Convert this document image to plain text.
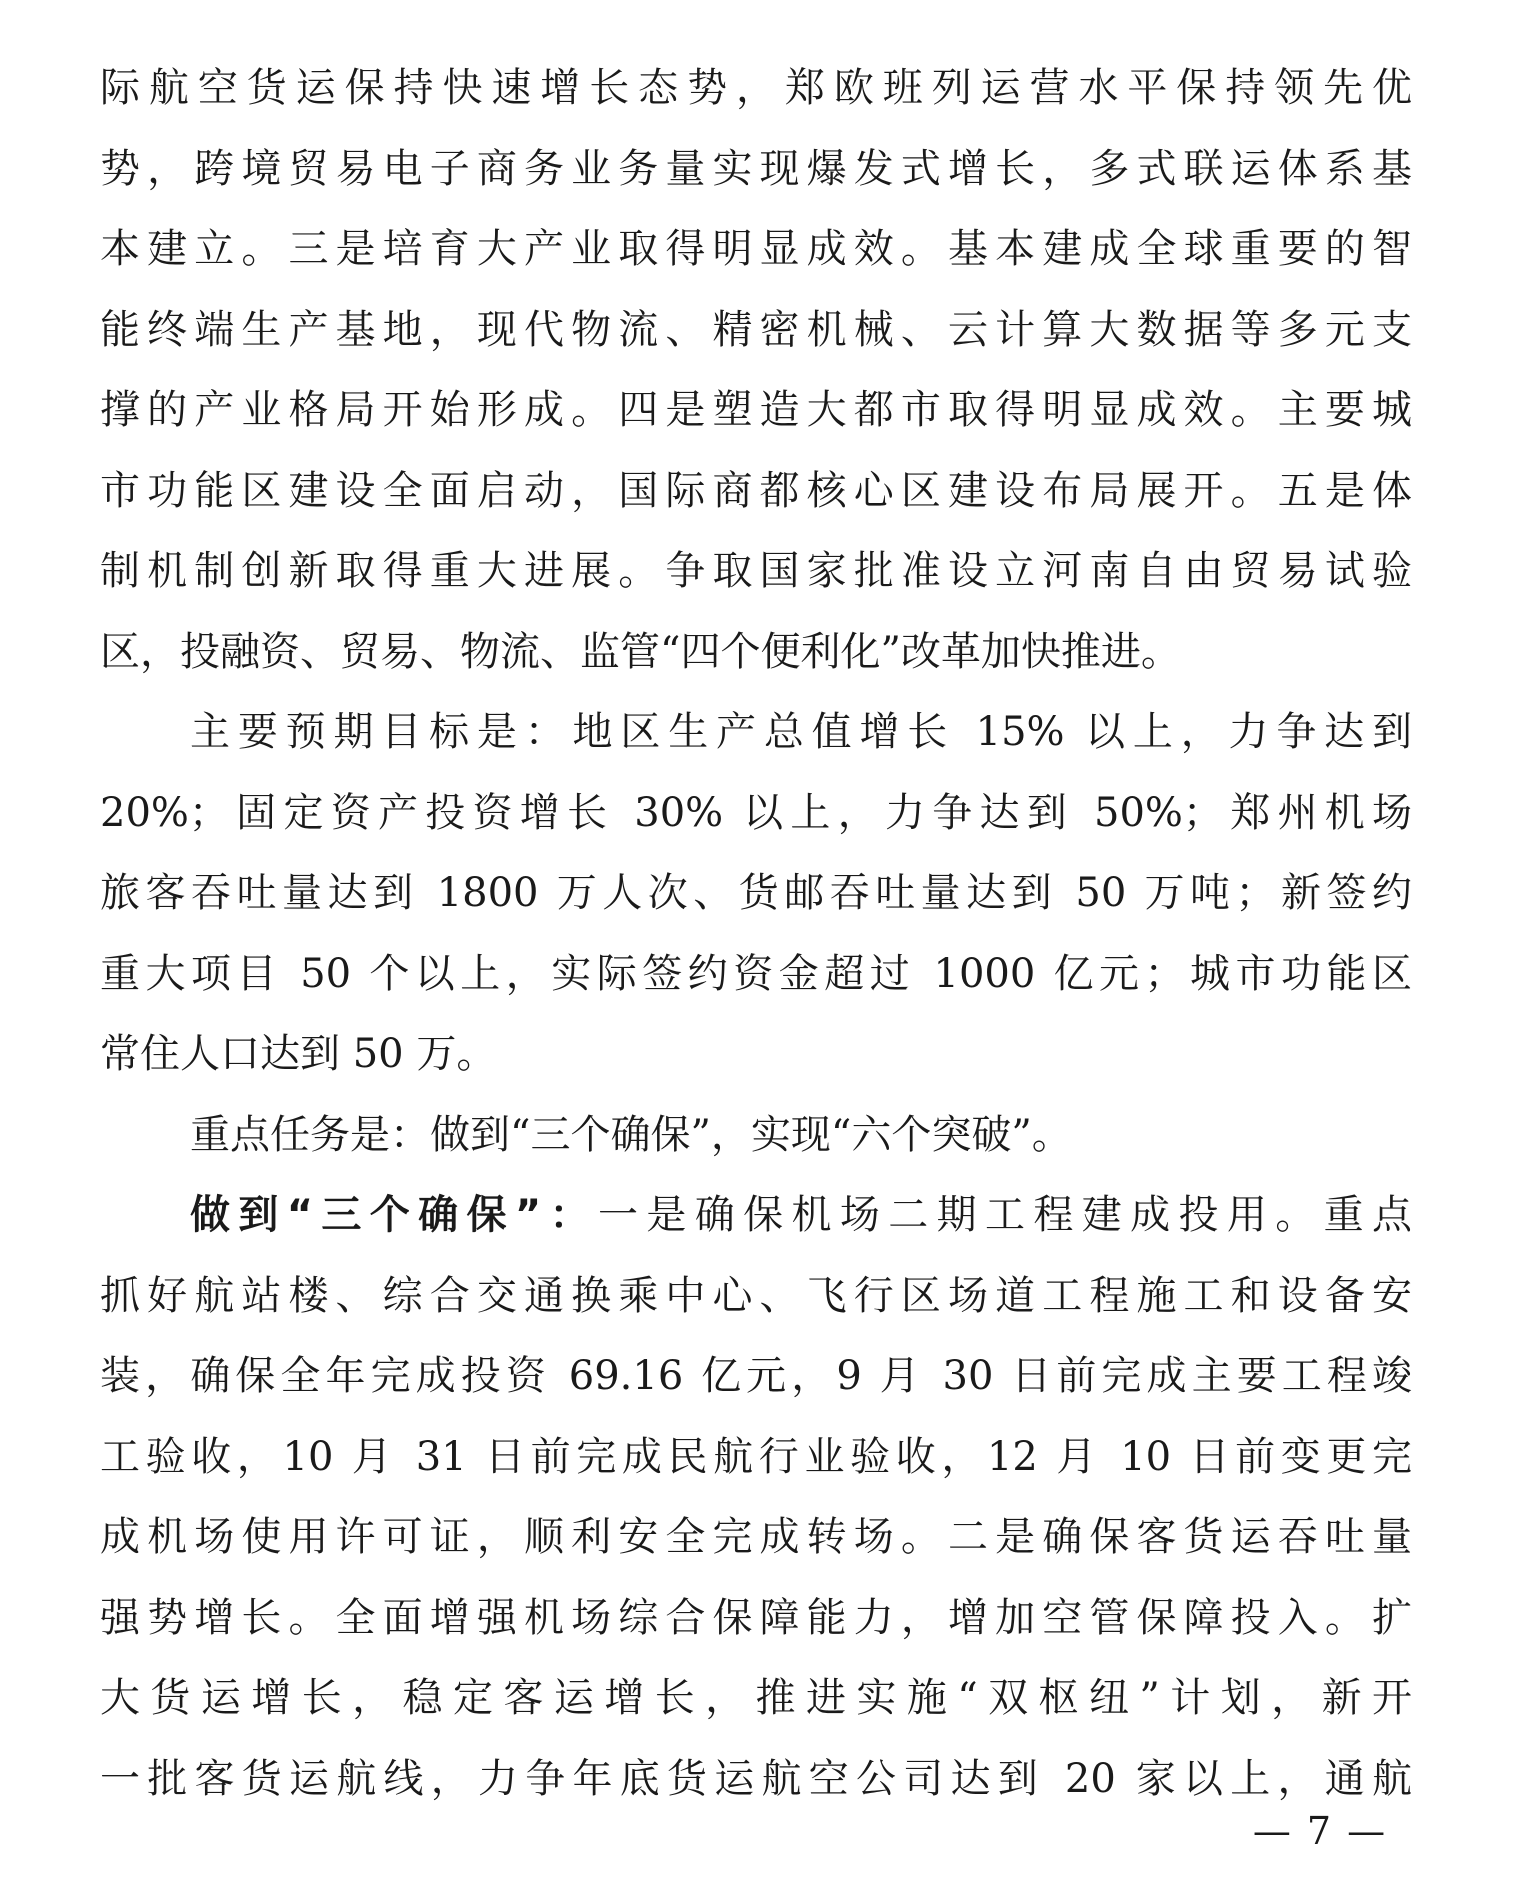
际航空货运保持快速增长态势，郑欧班列运营水平保持领先优
势，跨境贸易电子商务业务量实现爆发式增长，多式联运体系基
本建立。三是培育大产业取得明显成效。基本建成全球重要的智
能终端生产基地，现代物流、精密机械、云计算大数据等多元支
撑的产业格局开始形成。四是塑造大都市取得明显成效。主要城
市功能区建设全面启动，国际商都核心区建设布局展开。五是体
制机制创新取得重大进展。争取国家批准设立河南自由贸易试验
区，投融资、贸易、物流、监管“四个便利化”改革加快推进。
主要预期目标是：地区生产总值增长 15% 以上，力争达到
20%；固定资产投资增长 30% 以上，力争达到 50%；郑州机场
旅客吞吐量达到 1800 万人次、货邮吞吐量达到 50 万吨；新签约
重大项目 50 个以上，实际签约资金超过 1000 亿元；城市功能区
常住人口达到 50 万。
重点任务是：做到“三个确保”，实现“六个突破”。
做到“三个确保”：一是确保机场二期工程建成投用。重点
抓好航站楼、综合交通换乘中心、飞行区场道工程施工和设备安
装，确保全年完成投资 69.16 亿元，9 月 30 日前完成主要工程竣
工验收，10 月 31 日前完成民航行业验收，12 月 10 日前变更完
成机场使用许可证，顺利安全完成转场。二是确保客货运吞吐量
强势增长。全面增强机场综合保障能力，增加空管保障投入。扩
大货运增长，稳定客运增长，推进实施“双枢纽”计划，新开
一批客货运航线，力争年底货运航空公司达到 20 家以上，通航
— 7 —
